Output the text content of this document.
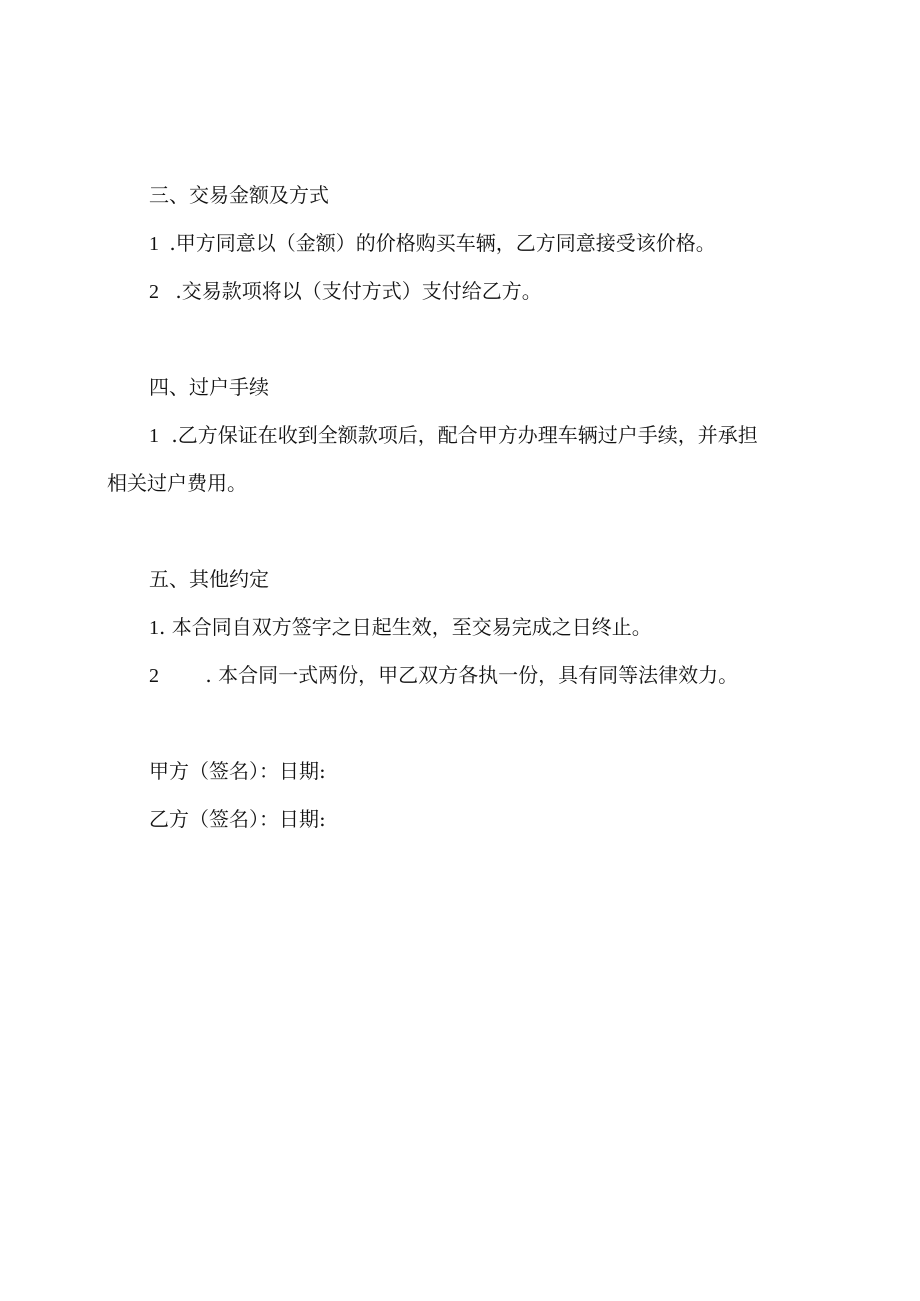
三、交易金额及方式
1 .甲方同意以（金额）的价格购买车辆，乙方同意接受该价格。
2 .交易款项将以（支付方式）支付给乙方。
四、过户手续
1 .乙方保证在收到全额款项后，配合甲方办理车辆过户手续，并承担
相关过户费用。
五、其他约定
1. 本合同自双方签字之日起生效，至交易完成之日终止。
2 . 本合同一式两份，甲乙双方各执一份，具有同等法律效力。
甲方（签名）：日期:
乙方（签名）：日期:
